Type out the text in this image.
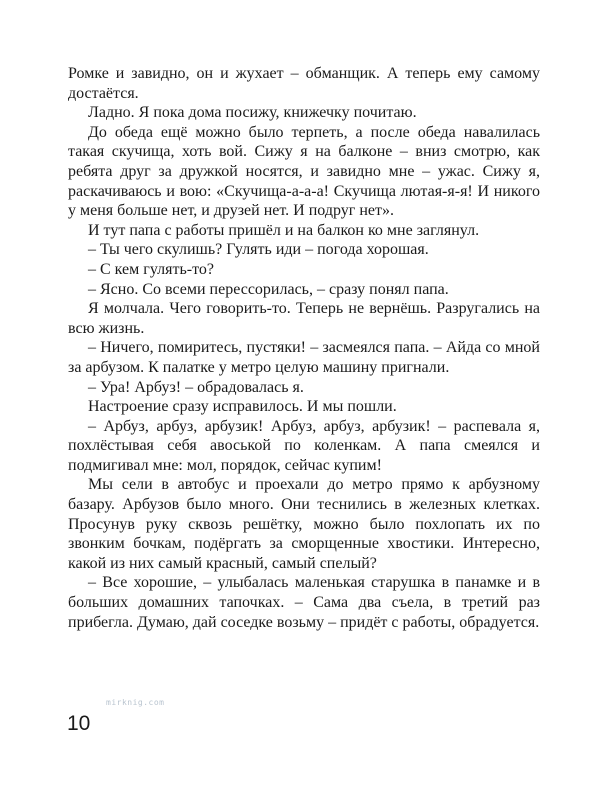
Ромке и завидно, он и жухает – обманщик. А теперь ему самому достаётся.

Ладно. Я пока дома посижу, книжечку почитаю.

До обеда ещё можно было терпеть, а после обеда навалилась такая скучища, хоть вой. Сижу я на балконе – вниз смотрю, как ребята друг за дружкой носятся, и завидно мне – ужас. Сижу я, раскачиваюсь и вою: «Скучища-а-а-а! Скучища лютая-я-я! И никого у меня больше нет, и друзей нет. И подруг нет».

И тут папа с работы пришёл и на балкон ко мне заглянул.

– Ты чего скулишь? Гулять иди – погода хорошая.

– С кем гулять-то?

– Ясно. Со всеми перессорилась, – сразу понял папа.

Я молчала. Чего говорить-то. Теперь не вернёшь. Разругались на всю жизнь.

– Ничего, помиритесь, пустяки! – засмеялся папа. – Айда со мной за арбузом. К палатке у метро целую машину пригнали.

– Ура! Арбуз! – обрадовалась я.

Настроение сразу исправилось. И мы пошли.

– Арбуз, арбуз, арбузик! Арбуз, арбуз, арбузик! – распевала я, похлёстывая себя авоськой по коленкам. А папа смеялся и подмигивал мне: мол, порядок, сейчас купим!

Мы сели в автобус и проехали до метро прямо к арбузному базару. Арбузов было много. Они теснились в железных клетках. Просунув руку сквозь решётку, можно было похлопать их по звонким бочкам, подёргать за сморщенные хвостики. Интересно, какой из них самый красный, самый спелый?

– Все хорошие, – улыбалась маленькая старушка в панамке и в больших домашних тапочках. – Сама два съела, в третий раз прибегла. Думаю, дай соседке возьму – придёт с работы, обрадуется.

mirknig.com
10
